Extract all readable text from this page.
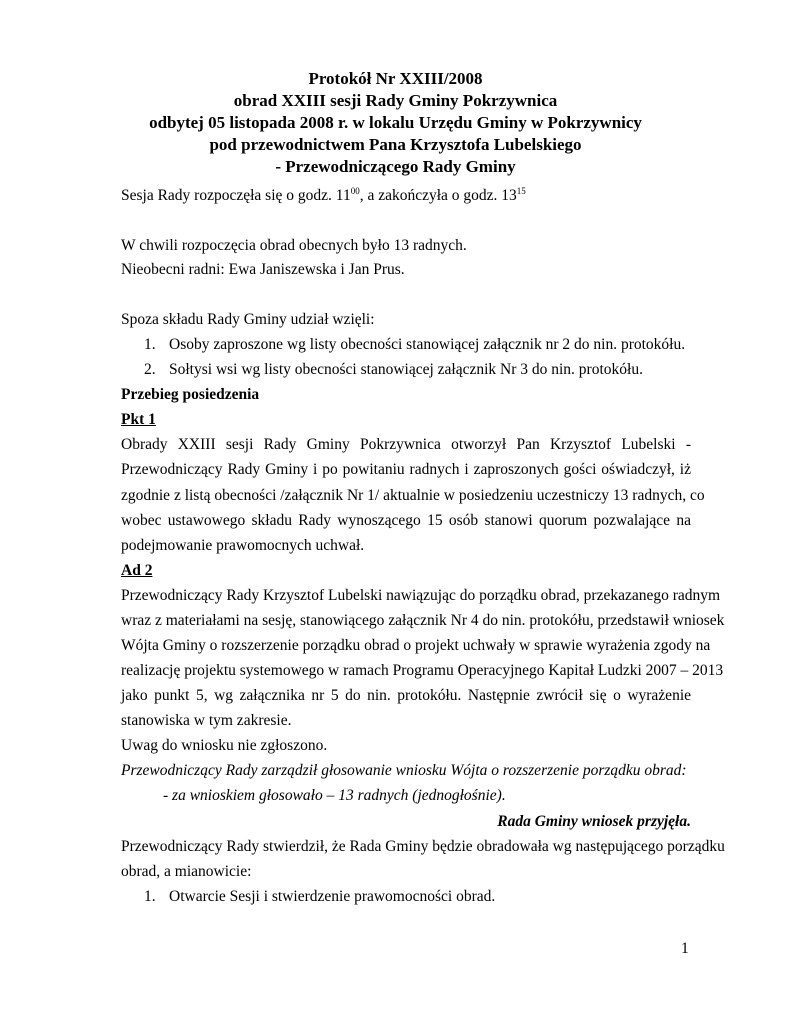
Protokół Nr XXIII/2008
obrad XXIII sesji Rady Gminy Pokrzywnica
odbytej 05 listopada 2008 r. w lokalu Urzędu Gminy w Pokrzywnicy
pod przewodnictwem Pana Krzysztofa Lubelskiego
- Przewodniczącego Rady Gminy
Sesja Rady rozpoczęła się o godz. $11^{00}$, a zakończyła o godz. $13^{15}$
W chwili rozpoczęcia obrad obecnych było 13 radnych.
Nieobecni radni: Ewa Janiszewska i Jan Prus.
Spoza składu Rady Gminy udział wzięli:
1. Osoby zaproszone wg listy obecności stanowiącej załącznik nr 2 do nin. protokółu.
2. Sołtysi wsi wg listy obecności stanowiącej załącznik Nr 3 do nin. protokółu.
Przebieg posiedzenia
Pkt 1
Obrady XXIII sesji Rady Gminy Pokrzywnica otworzył Pan Krzysztof Lubelski -
Przewodniczący Rady Gminy i po powitaniu radnych i zaproszonych gości oświadczył, iż
zgodnie z listą obecności /załącznik Nr 1/ aktualnie w posiedzeniu uczestniczy 13 radnych, co
wobec ustawowego składu Rady wynoszącego 15 osób stanowi quorum pozwalające na
podejmowanie prawomocnych uchwał.
Ad 2
Przewodniczący Rady Krzysztof Lubelski nawiązując do porządku obrad, przekazanego radnym
wraz z materiałami na sesję, stanowiącego załącznik Nr 4 do nin. protokółu, przedstawił wniosek
Wójta Gminy o rozszerzenie porządku obrad o projekt uchwały w sprawie wyrażenia zgody na
realizację projektu systemowego w ramach Programu Operacyjnego Kapitał Ludzki 2007 – 2013
jako punkt 5, wg załącznika nr 5 do nin. protokółu. Następnie zwrócił się o wyrażenie
stanowiska w tym zakresie.
Uwag do wniosku nie zgłoszono.
Przewodniczący Rady zarządził głosowanie wniosku Wójta o rozszerzenie porządku obrad:
- za wnioskiem głosowało – 13 radnych (jednogłośnie).
Rada Gminy wniosek przyjęła.
Przewodniczący Rady stwierdził, że Rada Gminy będzie obradowała wg następującego porządku
obrad, a mianowicie:
1. Otwarcie Sesji i stwierdzenie prawomocności obrad.
1
